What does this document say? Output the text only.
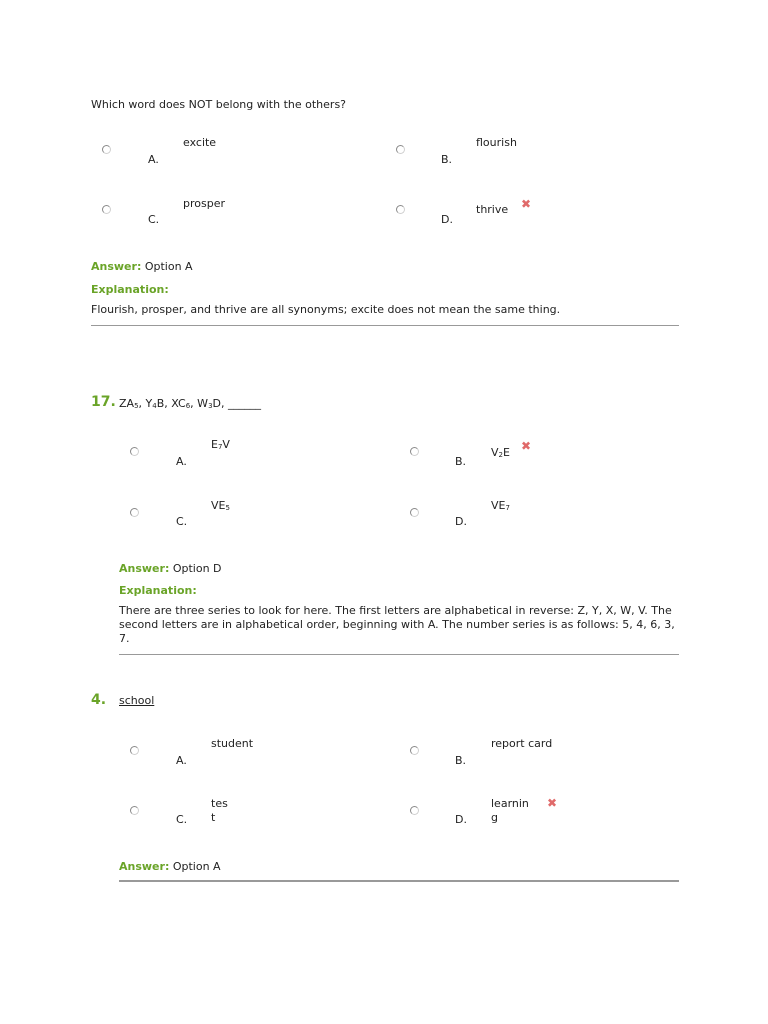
Which word does NOT belong with the others?
A.
excite
B.
flourish
C.
prosper
D.
thrive ✖
Answer: Option A
Explanation:
Flourish, prosper, and thrive are all synonyms; excite does not mean the same thing.
17. $ZA_5$, $Y_4B$, $XC_6$, $W_3D$, ______
A.
$E_7V$
B.
$V_2E$ ✖
C.
$VE_5$
D.
$VE_7$
Answer: Option D
Explanation:
There are three series to look for here. The first letters are alphabetical in reverse: Z, Y, X, W, V. The second letters are in alphabetical order, beginning with A. The number series is as follows: 5, 4, 6, 3, 7.
4. school
A.
student
B.
report card
C.
tes
t	D.
learnin
g
✖
Answer: Option A
